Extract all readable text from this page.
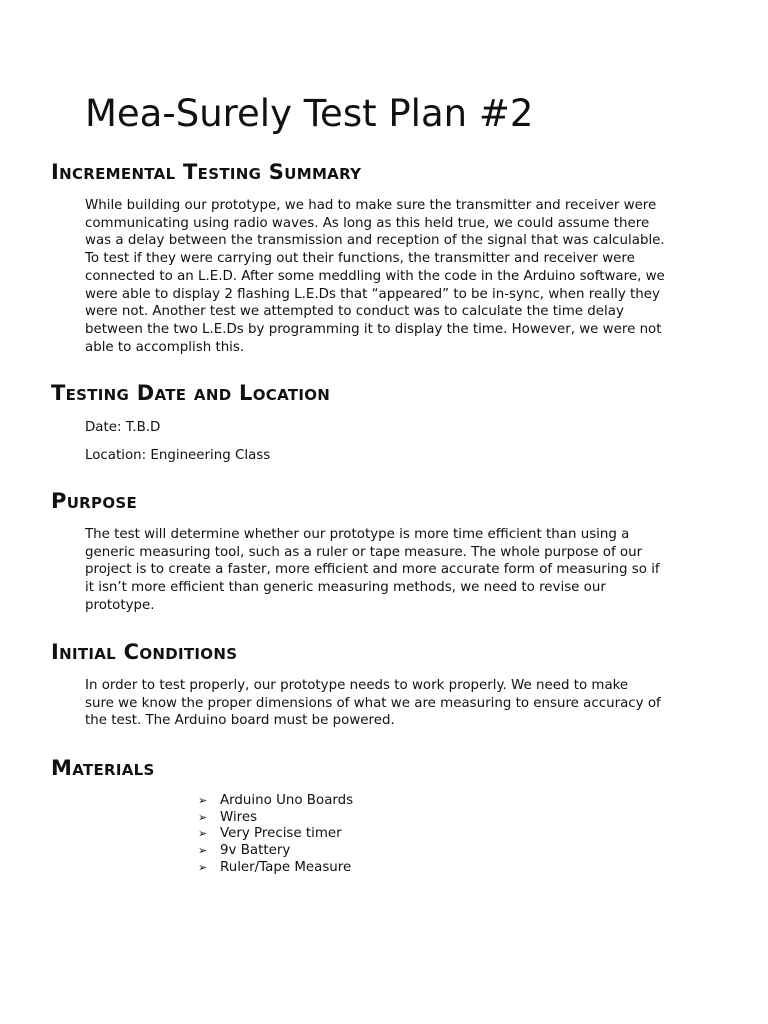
Mea-Surely Test Plan #2
Incremental Testing Summary
While building our prototype, we had to make sure the transmitter and receiver were
communicating using radio waves. As long as this held true, we could assume there
was a delay between the transmission and reception of the signal that was calculable.
To test if they were carrying out their functions, the transmitter and receiver were
connected to an L.E.D. After some meddling with the code in the Arduino software, we
were able to display 2 flashing L.E.Ds that “appeared” to be in-sync, when really they
were not. Another test we attempted to conduct was to calculate the time delay
between the two L.E.Ds by programming it to display the time. However, we were not
able to accomplish this.
Testing Date and Location

Date: T.B.D

Location: Engineering Class

Purpose
The test will determine whether our prototype is more time efficient than using a
generic measuring tool, such as a ruler or tape measure. The whole purpose of our
project is to create a faster, more efficient and more accurate form of measuring so if
it isn’t more efficient than generic measuring methods, we need to revise our
prototype.
Initial Conditions
In order to test properly, our prototype needs to work properly. We need to make
sure we know the proper dimensions of what we are measuring to ensure accuracy of
the test. The Arduino board must be powered.
Materials
➢ Arduino Uno Boards
➢ Wires
➢ Very Precise timer
➢ 9v Battery
➢ Ruler/Tape Measure
